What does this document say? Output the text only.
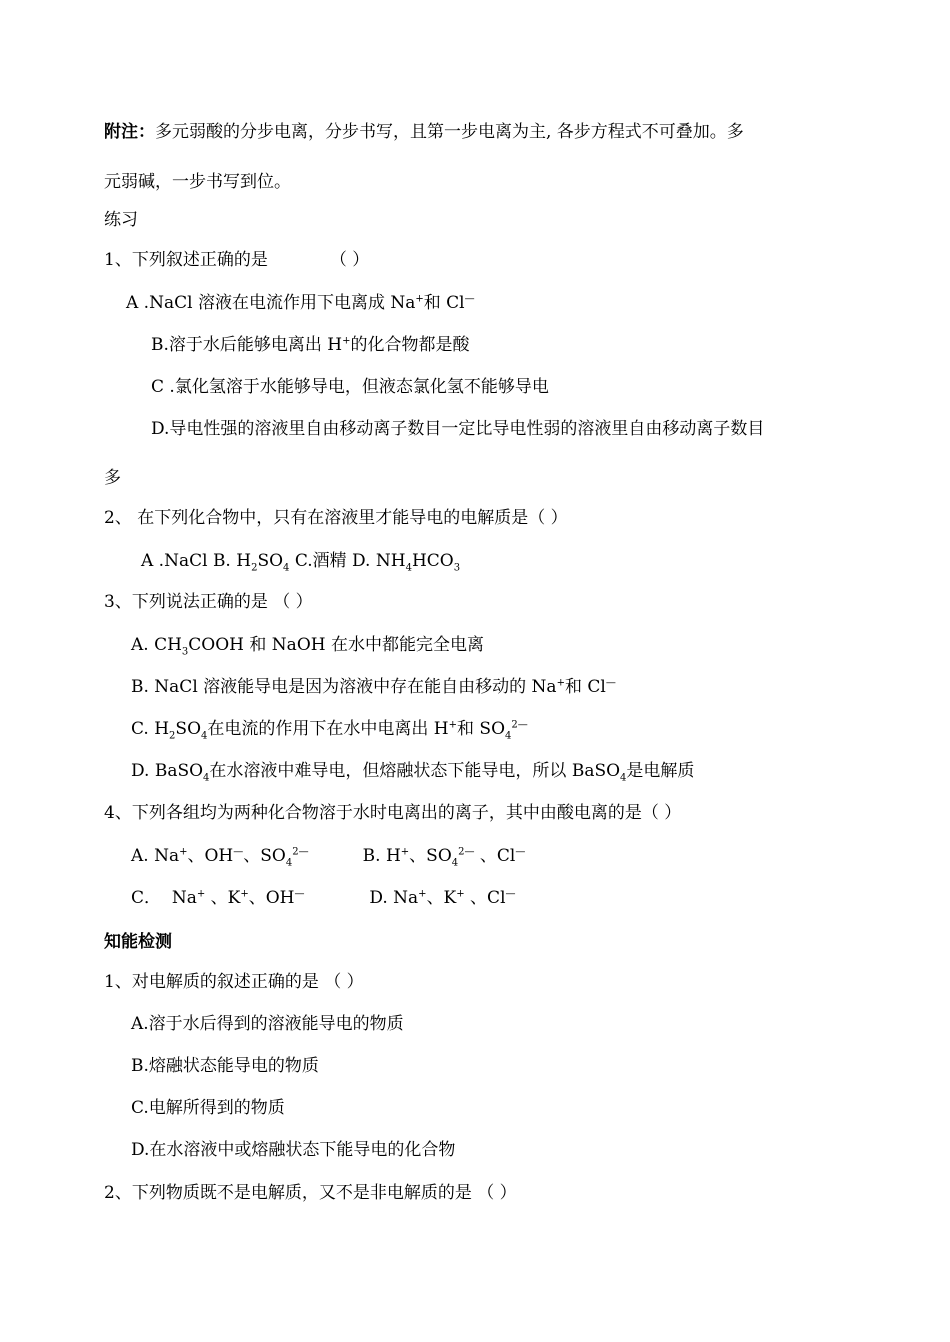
附注：多元弱酸的分步电离，分步书写，且第一步电离为主, 各步方程式不可叠加。多
元弱碱，一步书写到位。
练习
1、下列叙述正确的是	（ ）
A .NaCl 溶液在电流作用下电离成 Na+和 Cl—
B.溶于水后能够电离出 H+的化合物都是酸
C .氯化氢溶于水能够导电，但液态氯化氢不能够导电
D.导电性强的溶液里自由移动离子数目一定比导电性弱的溶液里自由移动离子数目
多
2、 在下列化合物中，只有在溶液里才能导电的电解质是（ ）
A .NaCl B. $H_2SO_4$ C.酒精 D. $NH_4HCO_3$
3、下列说法正确的是 （ ）
A. $CH_3COOH$ 和 NaOH 在水中都能完全电离
B. NaCl 溶液能导电是因为溶液中存在能自由移动的 Na+和 Cl—
C. $H_2SO_4$在电流的作用下在水中电离出 H+和 $SO_4^{2—}$
D. BaSO$_4$在水溶液中难导电，但熔融状态下能导电，所以 BaSO$_4$是电解质
4、下列各组均为两种化合物溶于水时电离出的离子，其中由酸电离的是（ ）
A. Na+、OH—、$SO_4^{2—}$          B. H+、$SO_4^{2—}$ 、Cl—
C．  Na+ 、K+、OH—            D. Na+、K+ 、Cl—
知能检测
1、对电解质的叙述正确的是 （ ）
A.溶于水后得到的溶液能导电的物质
B.熔融状态能导电的物质
C.电解所得到的物质
D.在水溶液中或熔融状态下能导电的化合物
2、下列物质既不是电解质，又不是非电解质的是 （ ）
